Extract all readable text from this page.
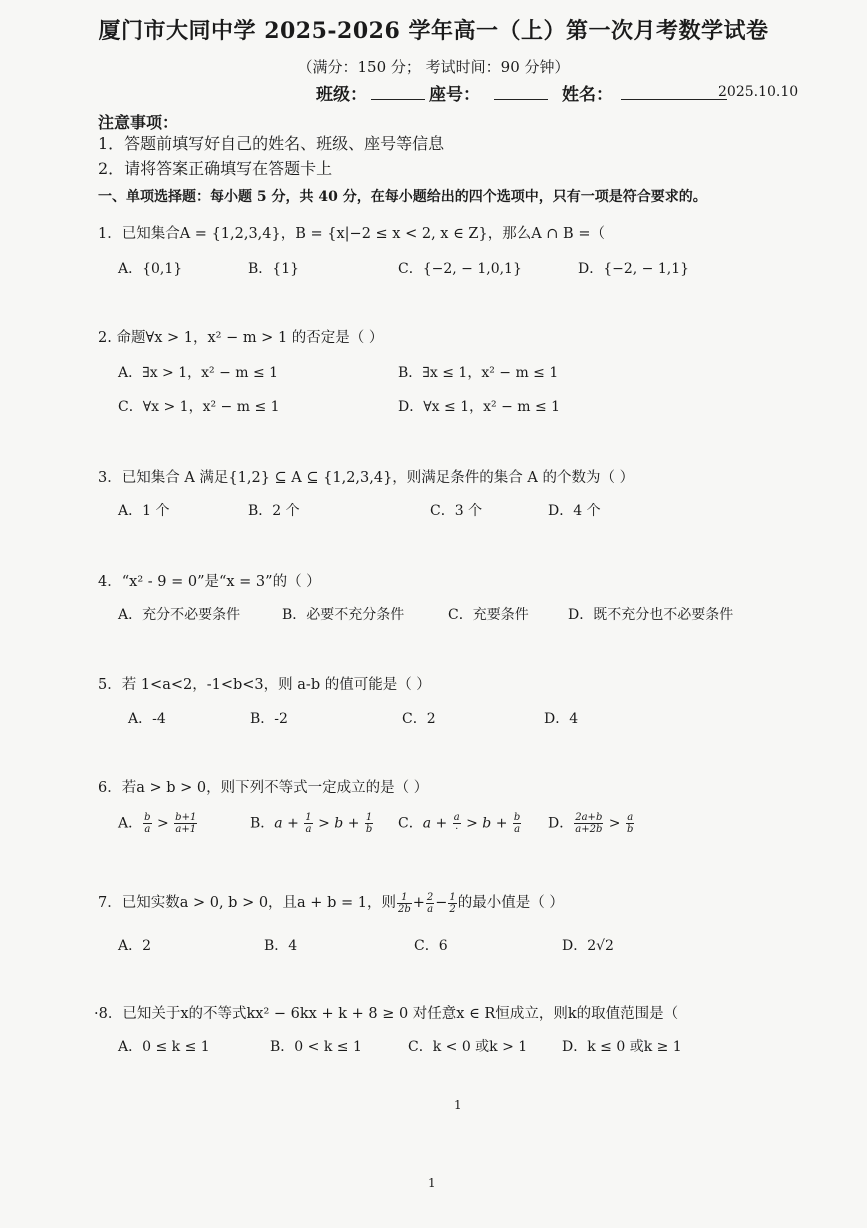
厦门市大同中学 2025-2026 学年高一（上）第一次月考数学试卷
（满分：150 分； 考试时间：90 分钟）
班级：	座号：	姓名：	2025.10.10
注意事项：
1．答题前填写好自己的姓名、班级、座号等信息
2．请将答案正确填写在答题卡上
一、单项选择题：每小题 5 分，共 40 分，在每小题给出的四个选项中，只有一项是符合要求的。
1．已知集合A = {1,2,3,4}，B = {x|−2 ≤ x < 2, x ∈ Z}，那么A ∩ B =（
A．{0,1}	B．{1}	C．{−2, − 1,0,1}	D．{−2, − 1,1}
2. 命题∀x > 1，x² − m > 1 的否定是（ ）
A．∃x > 1，x² − m ≤ 1	B．∃x ≤ 1，x² − m ≤ 1
C．∀x > 1，x² − m ≤ 1	D．∀x ≤ 1，x² − m ≤ 1
3．已知集合 A 满足{1,2} ⊆ A ⊆ {1,2,3,4}，则满足条件的集合 A 的个数为（ ）
A．1 个	B．2 个	C．3 个	D．4 个
4．“x² - 9 = 0”是“x = 3”的（ ）
A．充分不必要条件	B．必要不充分条件	C．充要条件	D．既不充分也不必要条件
5．若 1<a<2，-1<b<3，则 a-b 的值可能是（ ）
A．-4	B．-2	C．2	D．4
6．若a > b > 0，则下列不等式一定成立的是（ ）
A． $\frac{b}{a} > \frac{b+1}{a+1}$	B．$a + \frac{1}{a} > b + \frac{1}{b}$ C．$a + \frac{a}{\cdot} > b + \frac{b}{a}$ D． $\frac{2a+b}{a+2b} > \frac{a}{b}$
7．已知实数a > 0, b > 0，且a + b = 1，则 $\frac{1}{2b} + \frac{2}{a} - \frac{1}{2}$ 的最小值是（ ）
A．2	B．4	C．6	D．2√2
·8．已知关于x的不等式kx² − 6kx + k + 8 ≥ 0 对任意x ∈ R恒成立，则k的取值范围是（
A．0 ≤ k ≤ 1	B．0 < k ≤ 1	C．k < 0 或k > 1 D．k ≤ 0 或k ≥ 1
1
1
